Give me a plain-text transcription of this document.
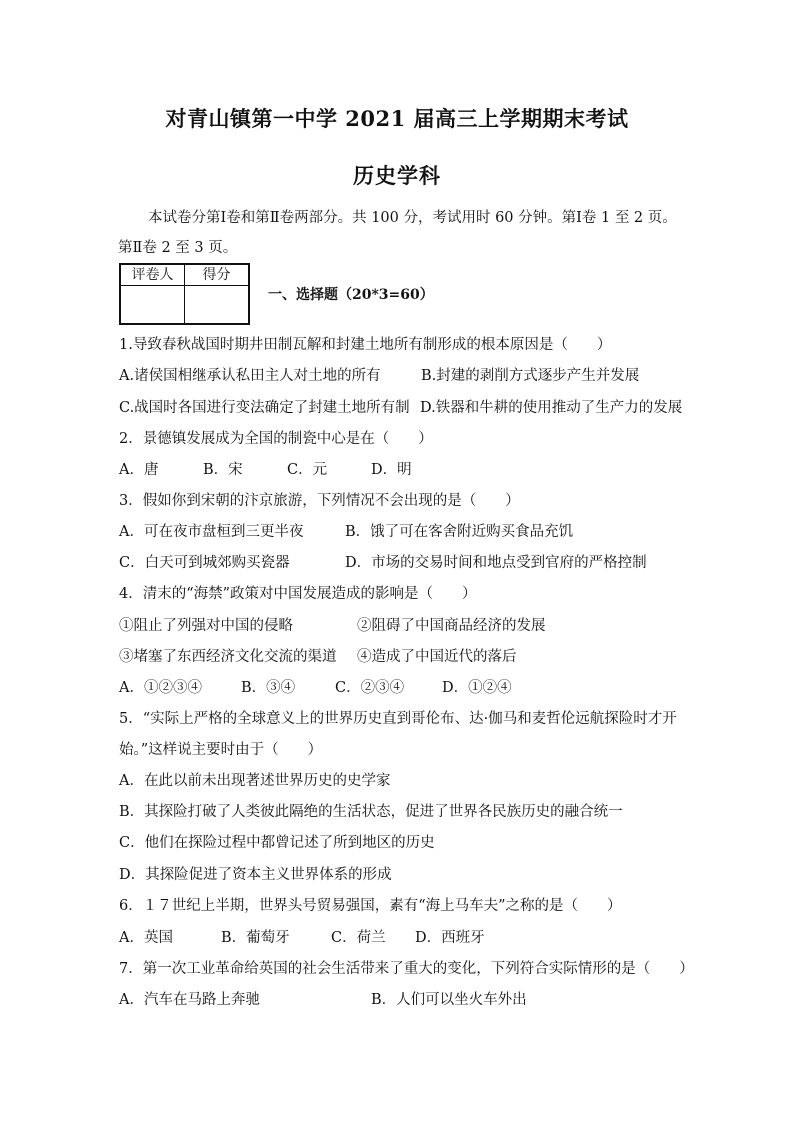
对青山镇第一中学 2021 届高三上学期期末考试
历史学科
本试卷分第Ⅰ卷和第Ⅱ卷两部分。共 100 分，考试用时 60 分钟。第Ⅰ卷 1 至 2 页。第Ⅱ卷 2 至 3 页。
评卷人	得分

一、选择题（20*3=60）
1.导致春秋战国时期井田制瓦解和封建土地所有制形成的根本原因是（　　）
A.诸侯国相继承认私田主人对土地的所有	B.封建的剥削方式逐步产生并发展
C.战国时各国进行变法确定了封建土地所有制 D.铁器和牛耕的使用推动了生产力的发展
2．景德镇发展成为全国的制瓷中心是在（　　）
A．唐	B．宋	C．元	D．明
3．假如你到宋朝的汴京旅游，下列情况不会出现的是（　　）
A．可在夜市盘桓到三更半夜	B．饿了可在客舍附近购买食品充饥
C．白天可到城郊购买瓷器	D．市场的交易时间和地点受到官府的严格控制
4．清末的“海禁”政策对中国发展造成的影响是（　　）
①阻止了列强对中国的侵略	②阻碍了中国商品经济的发展
③堵塞了东西经济文化交流的渠道 ④造成了中国近代的落后
A．①②③④	B．③④	C．②③④	D．①②④
5．“实际上严格的全球意义上的世界历史直到哥伦布、达·伽马和麦哲伦远航探险时才开
始。”这样说主要时由于（　　）
A．在此以前未出现著述世界历史的史学家
B．其探险打破了人类彼此隔绝的生活状态，促进了世界各民族历史的融合统一
C．他们在探险过程中都曾记述了所到地区的历史
D．其探险促进了资本主义世界体系的形成
6．１７世纪上半期，世界头号贸易强国，素有“海上马车夫”之称的是（　　）
A．英国	B．葡萄牙	C．荷兰 D．西班牙
7．第一次工业革命给英国的社会生活带来了重大的变化，下列符合实际情形的是（　　）
A．汽车在马路上奔驰	B．人们可以坐火车外出
